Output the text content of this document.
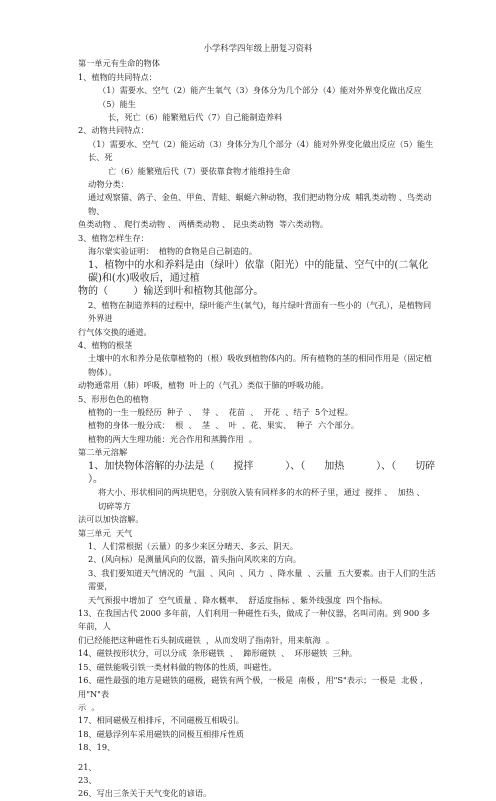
小学科学四年级上册复习资料

第一单元有生命的物体

1、植物的共同特点：

（1）需要水、空气（2）能产生氧气（3）身体分为几个部分（4）能对外界变化做出反应（5）能生

长，死亡（6）能繁殖后代（7）自己能制造养料

2、动物共同特点：

（1）需要水、空气（2）能运动（3）身体分为几个部分（4）能对外界变化做出反应（5）能生长、死

亡（6）能繁殖后代（7）要依靠食物才能维持生命

动物分类：

通过观察猫、鸽子、金鱼、甲鱼、青蛙、蜗蜓六种动物，我们把动物分成  哺乳类动物 、鸟类动物、

鱼类动物 、 爬行类动物 、 两栖类动物 、 昆虫类动物  等六类动物。

3、植物怎样生存：

海尔蒙实验证明：  植物的食物是自己制造的。

1、植物中的水和养料是由（绿叶）依靠（阳光）中的能量、空气中的(二氧化碳)和(水)吸收后，通过植

物的（        ）输送到叶和植物其他部分。

2、植物在制造养料的过程中，绿叶能产生(氧气)，每片绿叶背面有一些小的（气孔），是植物同外界进

行气体交换的通道。

4、植物的根茎

土壤中的水和养分是依靠植物的（根）吸收到植物体内的。所有植物的茎的相同作用是（固定植物体）。

动物通常用（肺）呼吸，植物  叶上的（气孔）类似于肺的呼吸功能。

5、形形色色的植物

植物的一生一般经历  种子  、  芽  、  花苗  、  开花  、结子  5个过程。

植物的身体一般分成：  根  、  茎  、  叶  、花、果实、  种子  六个部分。

植物的两大生理功能：光合作用和蒸腾作用  。

第二单元溶解

1、加快物体溶解的办法是（      搅拌          ）、（      加热          ）、（      切碎          ）。

将大小、形状相同的两块肥皂，分别放入装有同样多的水的杯子里，通过  搅拌 、  加热 、  切碎等方

法可以加快溶解。

第三单元  天气

1、人们常根据（云量）的多少来区分晴天、多云、阴天。

2、(风向标）是测量风向的仪器，箭头指向风吹来的方向。

3、我们要知道天气情况的  气温  、风向  、风力  、降水量  、云量  五大要素。由于人们的生活需要，

天气预报中增加了  空气质量 、降水概率、  舒适度指标 、紫外线强度  四个指标。

13、在我国古代 2000 多年前，人们利用一种磁性石头，做成了一种仪器，名叫司南。到 900 多年前，人

们已经能把这种磁性石头制成磁铁  ，从而发明了指南针，用来航海  。

14、磁铁按形状分，可以分成  条形磁铁  、  蹄形磁铁  、  环形磁铁  三种。

15、磁铁能吸引铁一类材料做的物体的性质，叫磁性。

16、磁性最强的地方是磁铁的磁极，磁铁有两个极，一极是  南极 ，用"S"表示；一极是  北极 ，用"N"表

示  。

17、相同磁极互相排斥，不同磁极互相吸引。

18、磁悬浮列车采用磁铁的同极互相排斥性质

18、19、

21、

23、

26、写出三条关于天气变化的谚语。
